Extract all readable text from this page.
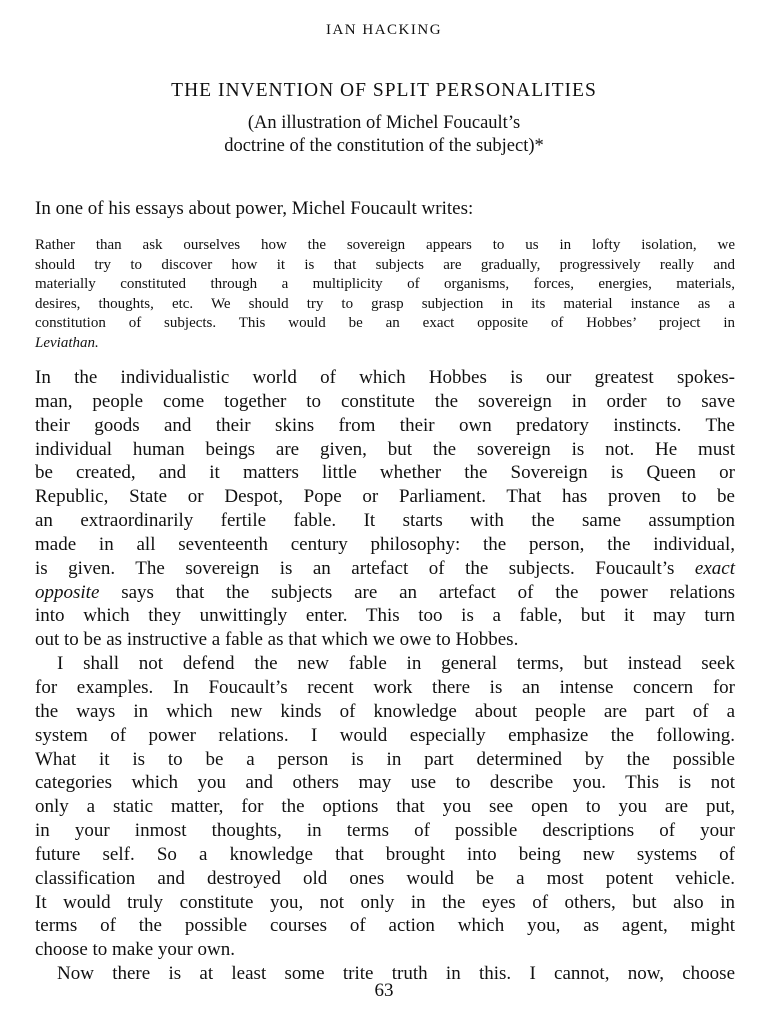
IAN HACKING
THE INVENTION OF SPLIT PERSONALITIES
(An illustration of Michel Foucault’s
doctrine of the constitution of the subject)*
In one of his essays about power, Michel Foucault writes:
Rather than ask ourselves how the sovereign appears to us in lofty isolation, we
should try to discover how it is that subjects are gradually, progressively really and
materially constituted through a multiplicity of organisms, forces, energies, materials,
desires, thoughts, etc. We should try to grasp subjection in its material instance as a
constitution of subjects. This would be an exact opposite of Hobbes’ project in
Leviathan.
In the individualistic world of which Hobbes is our greatest spokes-
man, people come together to constitute the sovereign in order to save
their goods and their skins from their own predatory instincts. The
individual human beings are given, but the sovereign is not. He must
be created, and it matters little whether the Sovereign is Queen or
Republic, State or Despot, Pope or Parliament. That has proven to be
an extraordinarily fertile fable. It starts with the same assumption
made in all seventeenth century philosophy: the person, the individual,
is given. The sovereign is an artefact of the subjects. Foucault’s exact
opposite says that the subjects are an artefact of the power relations
into which they unwittingly enter. This too is a fable, but it may turn
out to be as instructive a fable as that which we owe to Hobbes.
I shall not defend the new fable in general terms, but instead seek
for examples. In Foucault’s recent work there is an intense concern for
the ways in which new kinds of knowledge about people are part of a
system of power relations. I would especially emphasize the following.
What it is to be a person is in part determined by the possible
categories which you and others may use to describe you. This is not
only a static matter, for the options that you see open to you are put,
in your inmost thoughts, in terms of possible descriptions of your
future self. So a knowledge that brought into being new systems of
classification and destroyed old ones would be a most potent vehicle.
It would truly constitute you, not only in the eyes of others, but also in
terms of the possible courses of action which you, as agent, might
choose to make your own.
Now there is at least some trite truth in this. I cannot, now, choose
63
